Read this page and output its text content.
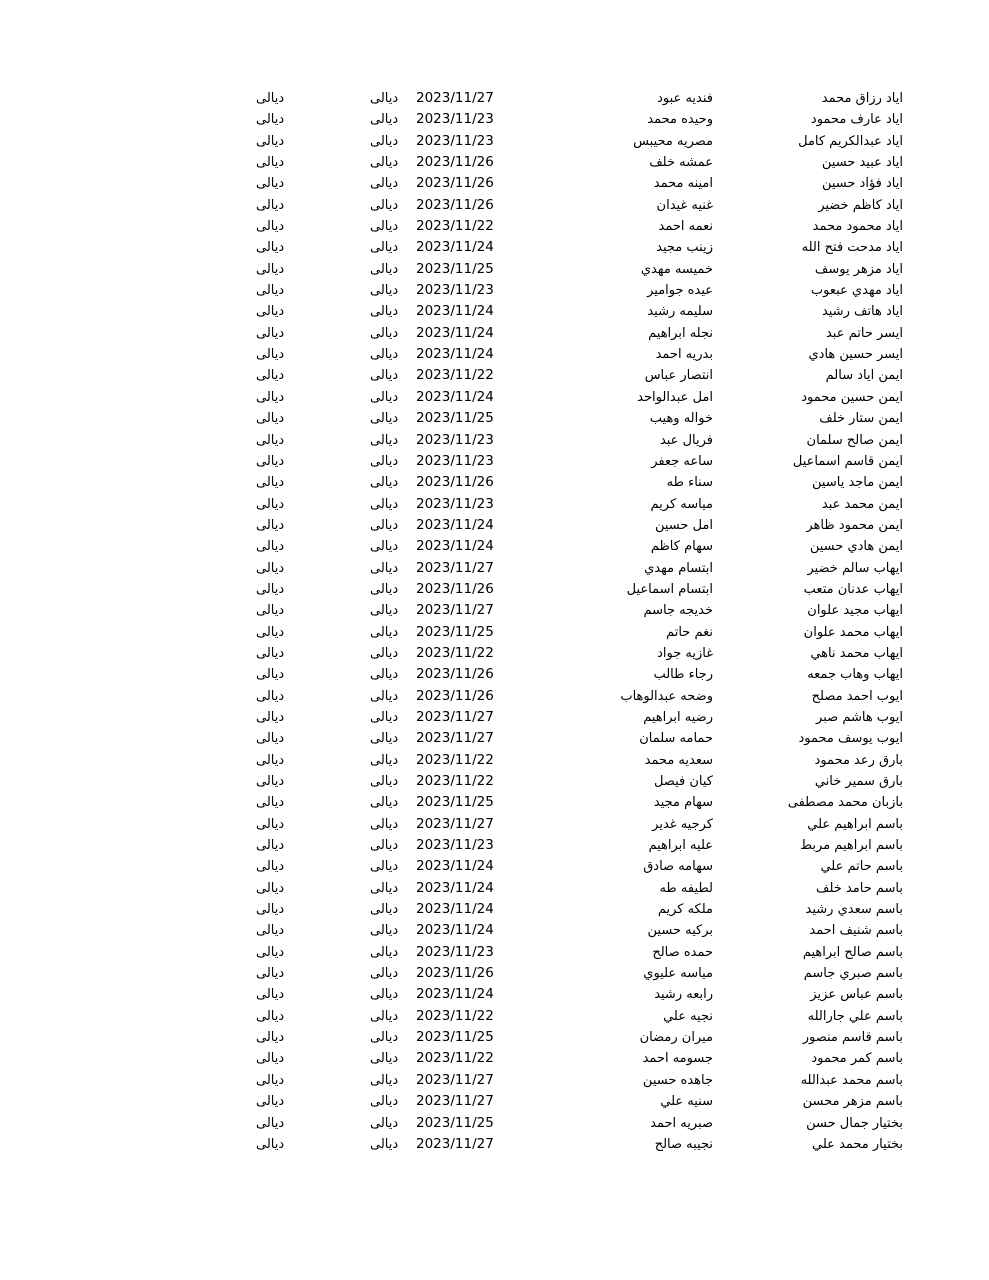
اياد رزاق محمد
فنديه عبود
2023/11/27
ديالى
ديالى
اياد عارف محمود
وحيده محمد
2023/11/23
ديالى
ديالى
اياد عبدالكريم كامل
مصريه محيبس
2023/11/23
ديالى
ديالى
اياد عبيد حسين
عمشه خلف
2023/11/26
ديالى
ديالى
اياد فؤاد حسين
امينه محمد
2023/11/26
ديالى
ديالى
اياد كاظم خضير
غنيه غيدان
2023/11/26
ديالى
ديالى
اياد محمود محمد
نعمه احمد
2023/11/22
ديالى
ديالى
اياد مدحت فتح الله
زينب مجيد
2023/11/24
ديالى
ديالى
اياد مزهر يوسف
خميسه مهدي
2023/11/25
ديالى
ديالى
اياد مهدي عبعوب
عيده جوامير
2023/11/23
ديالى
ديالى
اياد هاتف رشيد
سليمه رشيد
2023/11/24
ديالى
ديالى
ايسر حاتم عبد
نجله ابراهيم
2023/11/24
ديالى
ديالى
ايسر حسين هادي
بدريه احمد
2023/11/24
ديالى
ديالى
ايمن اياد سالم
انتصار عباس
2023/11/22
ديالى
ديالى
ايمن حسين محمود
امل عبدالواحد
2023/11/24
ديالى
ديالى
ايمن ستار خلف
خواله وهيب
2023/11/25
ديالى
ديالى
ايمن صالح سلمان
فريال عبد
2023/11/23
ديالى
ديالى
ايمن قاسم اسماعيل
ساعه جعفر
2023/11/23
ديالى
ديالى
ايمن ماجد ياسين
سناء طه
2023/11/26
ديالى
ديالى
ايمن محمد عبد
مياسه كريم
2023/11/23
ديالى
ديالى
ايمن محمود ظاهر
امل حسين
2023/11/24
ديالى
ديالى
ايمن هادي حسين
سهام كاظم
2023/11/24
ديالى
ديالى
ايهاب سالم خضير
ابتسام مهدي
2023/11/27
ديالى
ديالى
ايهاب عدنان متعب
ابتسام اسماعيل
2023/11/26
ديالى
ديالى
ايهاب مجيد علوان
خديجه جاسم
2023/11/27
ديالى
ديالى
ايهاب محمد علوان
نغم حاتم
2023/11/25
ديالى
ديالى
ايهاب محمد ناهي
غازيه جواد
2023/11/22
ديالى
ديالى
ايهاب وهاب جمعه
رجاء طالب
2023/11/26
ديالى
ديالى
ايوب احمد مصلح
وضحه عبدالوهاب
2023/11/26
ديالى
ديالى
ايوب هاشم صبر
رضيه ابراهيم
2023/11/27
ديالى
ديالى
ايوب يوسف محمود
حمامه سلمان
2023/11/27
ديالى
ديالى
بارق رعد محمود
سعديه محمد
2023/11/22
ديالى
ديالى
بارق سمير خاني
كيان فيصل
2023/11/22
ديالى
ديالى
بازبان محمد مصطفى
سهام مجيد
2023/11/25
ديالى
ديالى
باسم ابراهيم علي
كرجيه غدير
2023/11/27
ديالى
ديالى
باسم ابراهيم مربط
عليه ابراهيم
2023/11/23
ديالى
ديالى
باسم حاتم علي
سهامه صادق
2023/11/24
ديالى
ديالى
باسم حامد خلف
لطيفه طه
2023/11/24
ديالى
ديالى
باسم سعدي رشيد
ملكه كريم
2023/11/24
ديالى
ديالى
باسم شنيف احمد
بركيه حسين
2023/11/24
ديالى
ديالى
باسم صالح ابراهيم
حمده صالح
2023/11/23
ديالى
ديالى
باسم صبري جاسم
مياسه عليوي
2023/11/26
ديالى
ديالى
باسم عباس عزيز
رابعه رشيد
2023/11/24
ديالى
ديالى
باسم علي جارالله
نجيه علي
2023/11/22
ديالى
ديالى
باسم قاسم منصور
ميران رمضان
2023/11/25
ديالى
ديالى
باسم كمر محمود
جسومه احمد
2023/11/22
ديالى
ديالى
باسم محمد عبدالله
جاهده حسين
2023/11/27
ديالى
ديالى
باسم مزهر محسن
سنيه علي
2023/11/27
ديالى
ديالى
بختيار جمال حسن
صبريه احمد
2023/11/25
ديالى
ديالى
بختيار محمد علي
نجيبه صالح
2023/11/27
ديالى
ديالى
